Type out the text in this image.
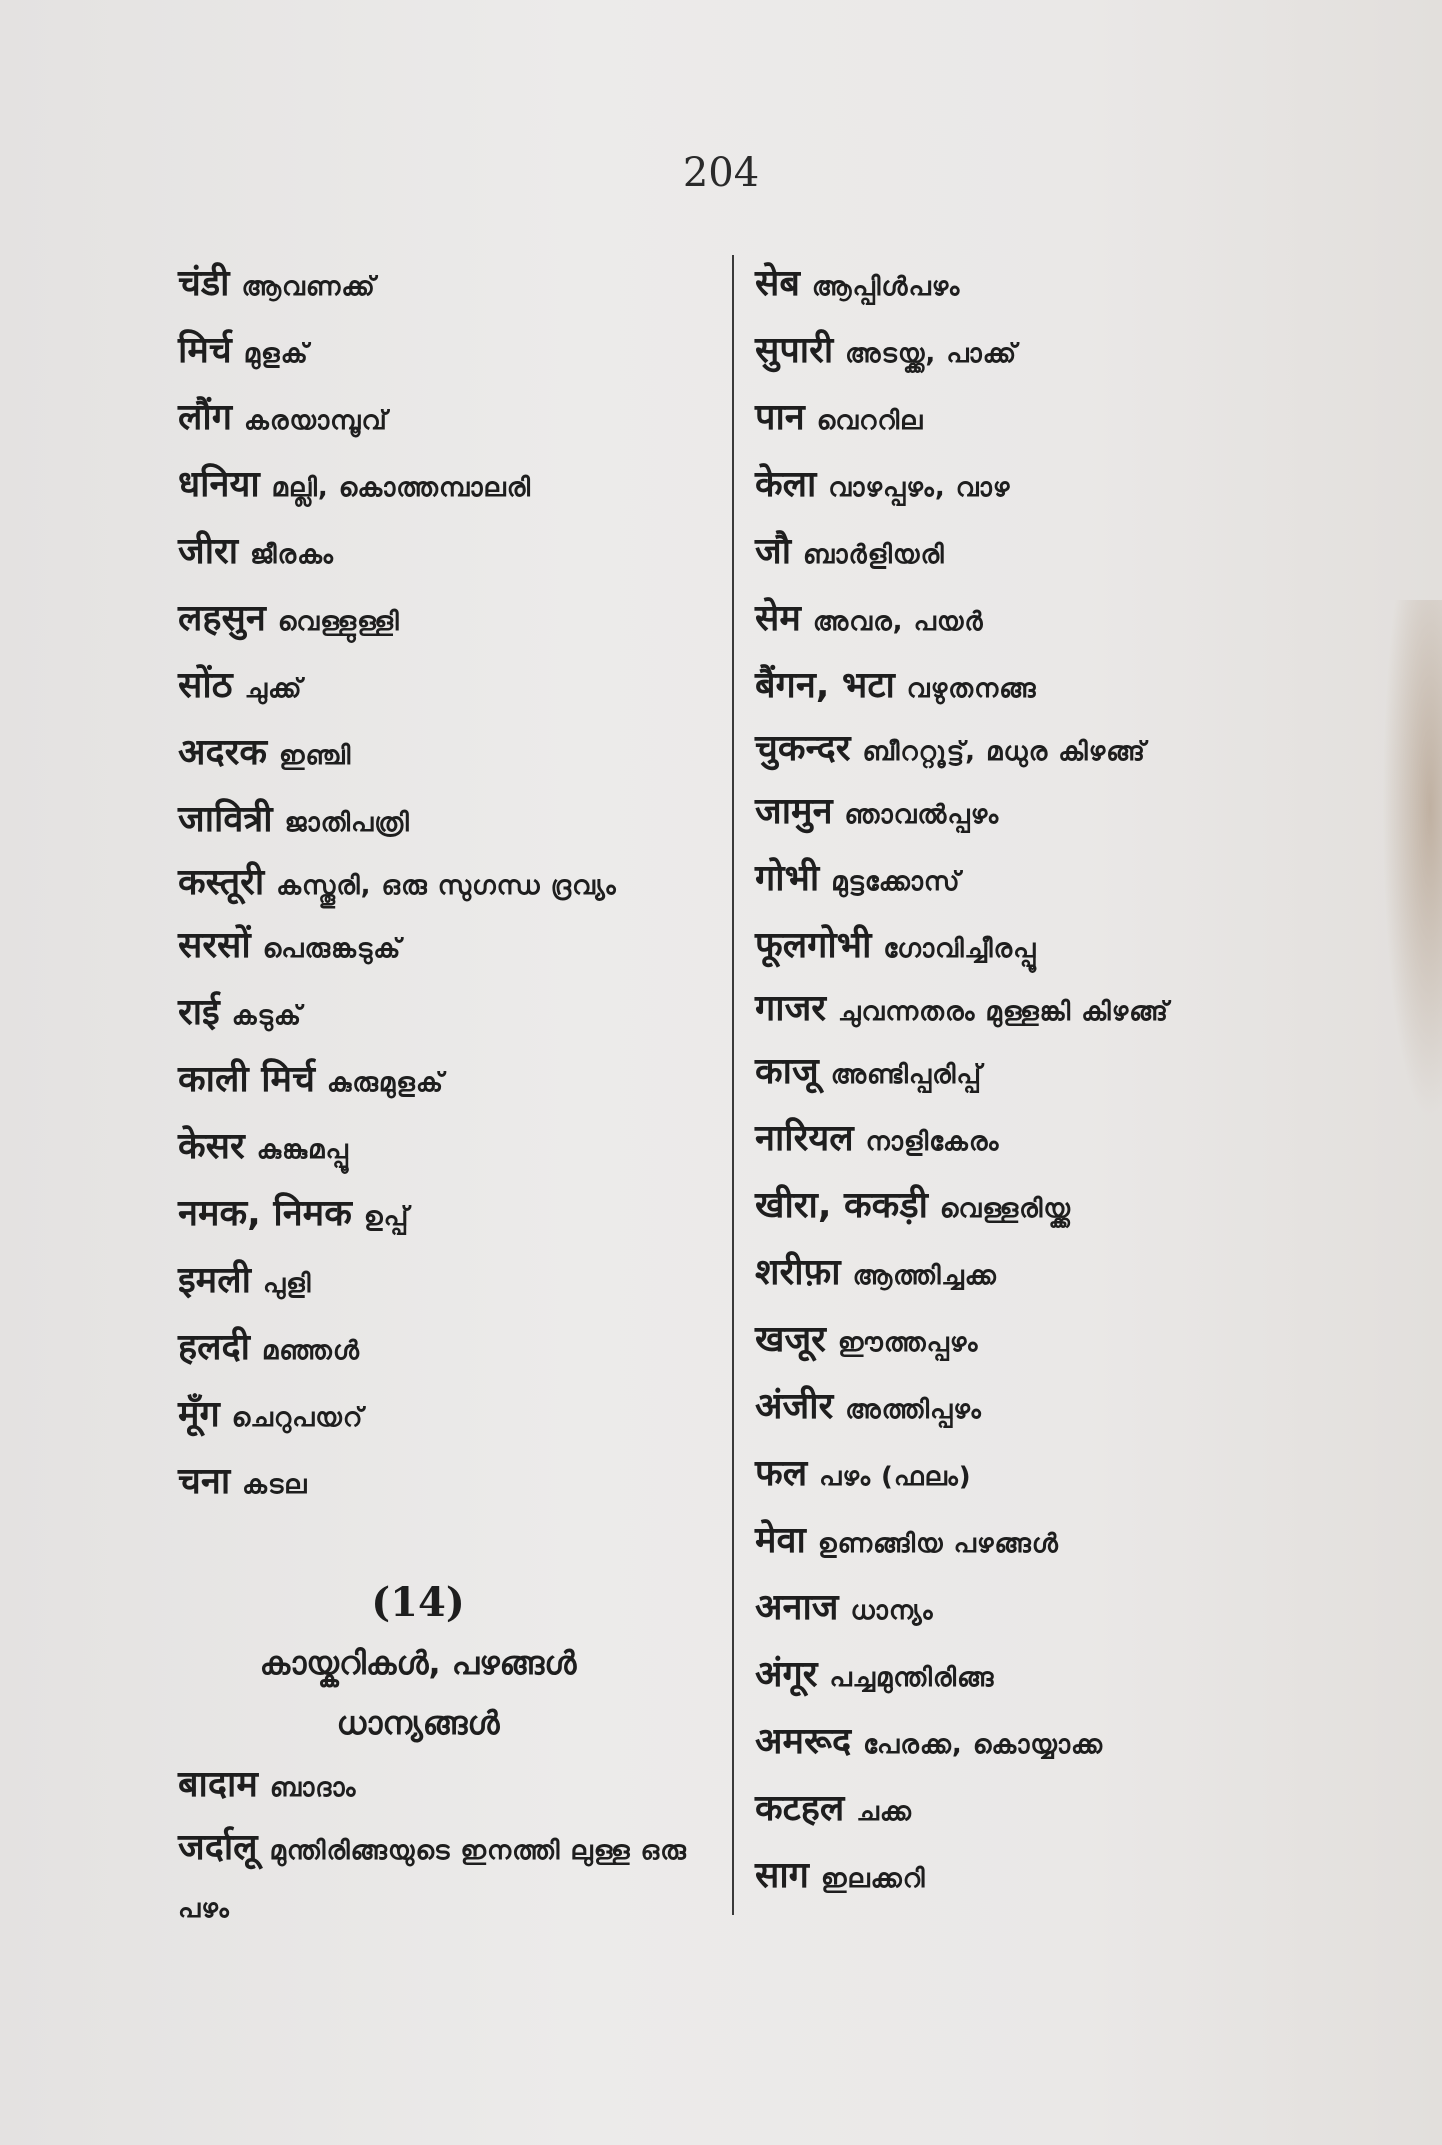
204
चंडी ആവണക്ക്
मिर्च മുളക്
लौंग കരയാമ്പൂവ്
धनिया മല്ലി, കൊത്തമ്പാലരി
जीरा ജീരകം
लहसुन വെള്ളുള്ളി
सोंठ ചുക്ക്
अदरक ഇഞ്ചി
जावित्री ജാതിപത്രി
कस्तूरी കസ്തൂരി, ഒരു സുഗന്ധ ദ്രവ്യം
सरसों പെരുങ്കടുക്
राई കടുക്
काली मिर्च കുരുമുളക്
केसर കുങ്കുമപ്പൂ
नमक, निमक ഉപ്പ്
इमली പുളി
हलदी മഞ്ഞൾ
मूँग ചെറുപയറ്
चना കടല
(14)
കായ്കറികൾ, പഴങ്ങൾ
ധാന്യങ്ങൾ
बादाम ബാദാം
जर्दालू മുന്തിരിങ്ങയുടെ ഇനത്തി ലുള്ള ഒരു പഴം
सेब ആപ്പിൾപഴം
सुपारी അടയ്ക്ക, പാക്ക്
पान വെററില
केला വാഴപ്പഴം, വാഴ
जौ ബാർളിയരി
सेम അവര, പയർ
बैंगन, भटा വഴുതനങ്ങ
चुकन्दर ബീററ്റൂട്ട്, മധുര കിഴങ്ങ്
जामुन ഞാവൽപ്പഴം
गोभी മുട്ടക്കോസ്
फूलगोभी ഗോവിച്ചീരപ്പൂ
गाजर ചുവന്നതരം മുള്ളങ്കി കിഴങ്ങ്
काजू അണ്ടിപ്പരിപ്പ്
नारियल നാളികേരം
खीरा, ककड़ी വെള്ളരിയ്ക്ക
शरीफ़ा ആത്തിച്ചക്ക
खजूर ഈത്തപ്പഴം
अंजीर അത്തിപ്പഴം
फल പഴം (ഫലം)
मेवा ഉണങ്ങിയ പഴങ്ങൾ
अनाज ധാന്യം
अंगूर പച്ചമുന്തിരിങ്ങ
अमरूद പേരക്ക, കൊയ്യാക്ക
कटहल ചക്ക
साग ഇലക്കറി
